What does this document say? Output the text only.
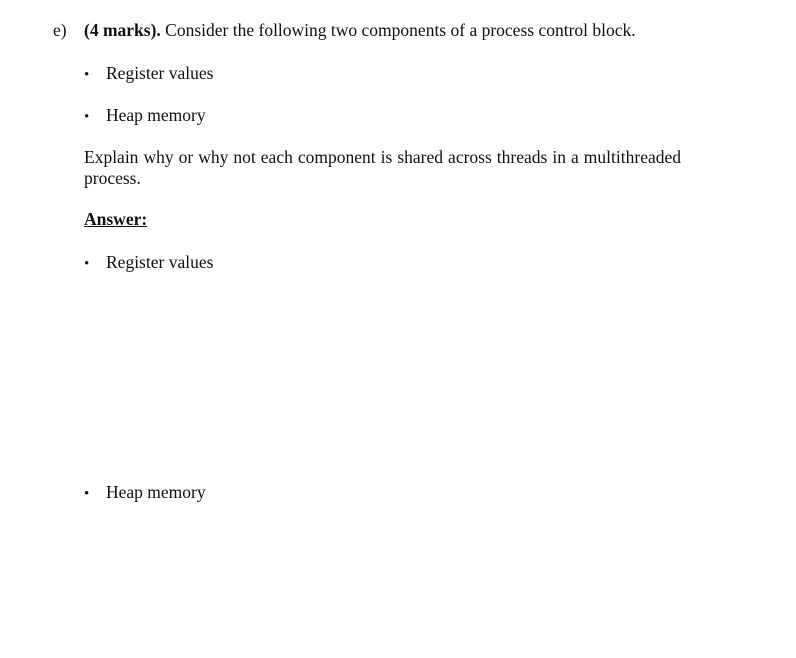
e) (4 marks). Consider the following two components of a process control block.
• Register values
• Heap memory
Explain why or why not each component is shared across threads in a multithreaded process.
Answer:
• Register values
• Heap memory
